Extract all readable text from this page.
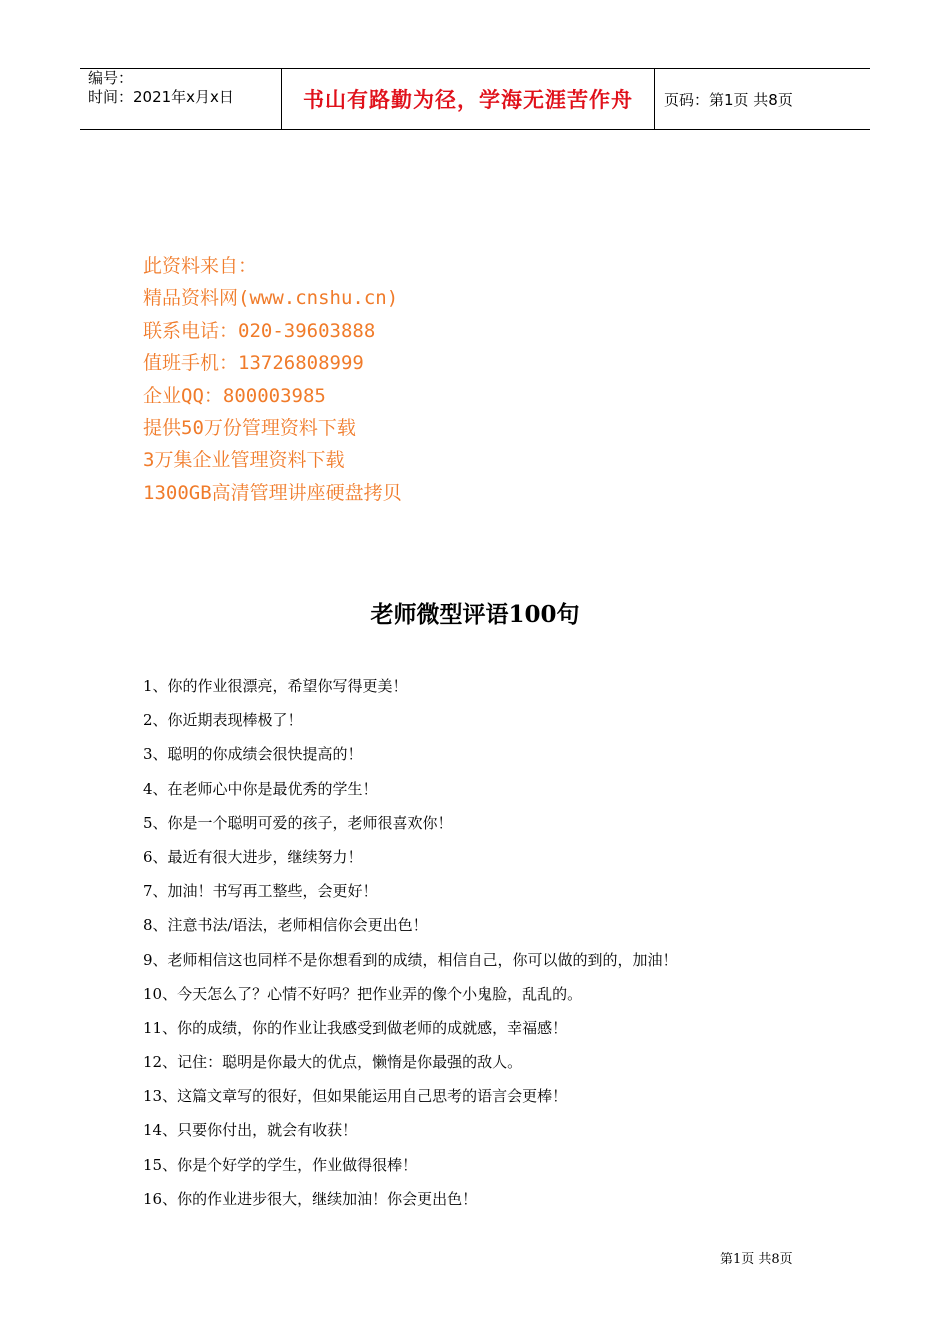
编号：
时间：2021年x月x日	书山有路勤为径，学海无涯苦作舟	页码：第1页 共8页
此资料来自：
精品资料网(www.cnshu.cn)
联系电话：020-39603888
值班手机：13726808999
企业QQ：800003985
提供50万份管理资料下载
3万集企业管理资料下载
1300GB高清管理讲座硬盘拷贝
老师微型评语100句
1、你的作业很漂亮，希望你写得更美！
2、你近期表现棒极了！
3、聪明的你成绩会很快提高的！
4、在老师心中你是最优秀的学生！
5、你是一个聪明可爱的孩子，老师很喜欢你！
6、最近有很大进步，继续努力！
7、加油！书写再工整些，会更好！
8、注意书法/语法，老师相信你会更出色！
9、老师相信这也同样不是你想看到的成绩，相信自己，你可以做的到的，加油！
10、今天怎么了？心情不好吗？把作业弄的像个小鬼脸，乱乱的。
11、你的成绩，你的作业让我感受到做老师的成就感，幸福感！
12、记住：聪明是你最大的优点，懒惰是你最强的敌人。
13、这篇文章写的很好，但如果能运用自己思考的语言会更棒！
14、只要你付出，就会有收获！
15、你是个好学的学生，作业做得很棒！
16、你的作业进步很大，继续加油！你会更出色！
第1页 共8页
